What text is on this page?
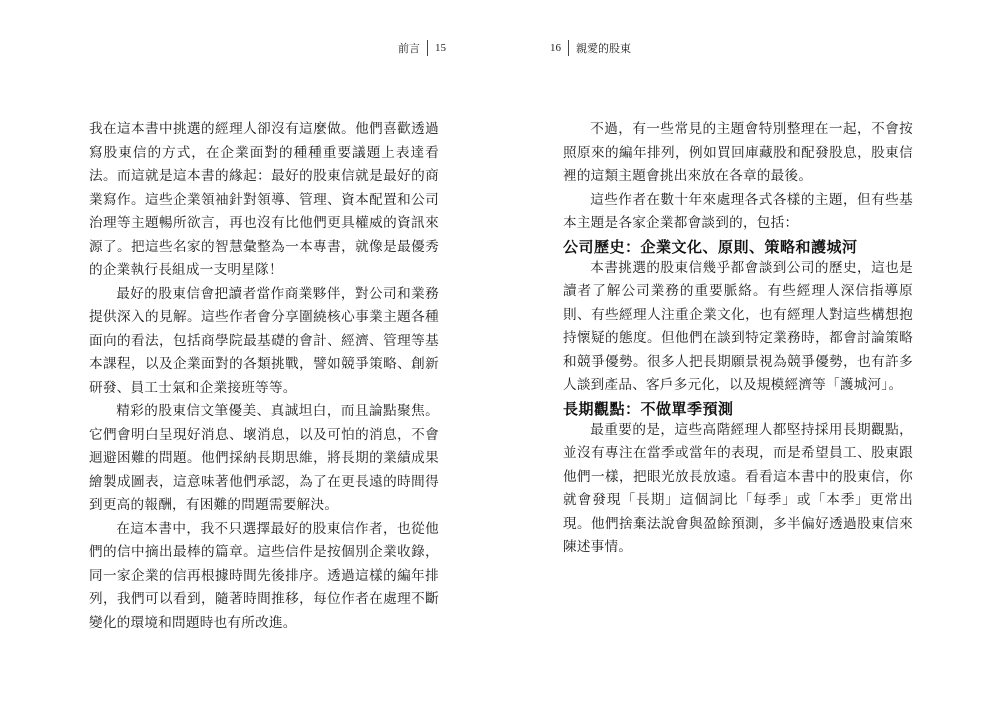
前言 15

我在這本書中挑選的經理人卻沒有這麼做。他們喜歡透過寫股東信的方式，在企業面對的種種重要議題上表達看法。而這就是這本書的緣起：最好的股東信就是最好的商業寫作。這些企業領袖針對領導、管理、資本配置和公司治理等主題暢所欲言，再也沒有比他們更具權威的資訊來源了。把這些名家的智慧彙整為一本專書，就像是最優秀的企業執行長組成一支明星隊！

最好的股東信會把讀者當作商業夥伴，對公司和業務提供深入的見解。這些作者會分享圍繞核心事業主題各種面向的看法，包括商學院最基礎的會計、經濟、管理等基本課程，以及企業面對的各類挑戰，譬如競爭策略、創新研發、員工士氣和企業接班等等。

精彩的股東信文筆優美、真誠坦白，而且論點聚焦。它們會明白呈現好消息、壞消息，以及可怕的消息，不會迴避困難的問題。他們採納長期思維，將長期的業績成果繪製成圖表，這意味著他們承認，為了在更長遠的時間得到更高的報酬，有困難的問題需要解決。

在這本書中，我不只選擇最好的股東信作者，也從他們的信中摘出最棒的篇章。這些信件是按個別企業收錄，同一家企業的信再根據時間先後排序。透過這樣的編年排列，我們可以看到，隨著時間推移，每位作者在處理不斷變化的環境和問題時也有所改進。

16 親愛的股東

不過，有一些常見的主題會特別整理在一起，不會按照原來的編年排列，例如買回庫藏股和配發股息，股東信裡的這類主題會挑出來放在各章的最後。

這些作者在數十年來處理各式各樣的主題，但有些基本主題是各家企業都會談到的，包括：

公司歷史：企業文化、原則、策略和護城河

本書挑選的股東信幾乎都會談到公司的歷史，這也是讀者了解公司業務的重要脈絡。有些經理人深信指導原則、有些經理人注重企業文化，也有經理人對這些構想抱持懷疑的態度。但他們在談到特定業務時，都會討論策略和競爭優勢。很多人把長期願景視為競爭優勢，也有許多人談到產品、客戶多元化，以及規模經濟等「護城河」。

長期觀點：不做單季預測

最重要的是，這些高階經理人都堅持採用長期觀點，並沒有專注在當季或當年的表現，而是希望員工、股東跟他們一樣，把眼光放長放遠。看看這本書中的股東信，你就會發現「長期」這個詞比「每季」或「本季」更常出現。他們捨棄法說會與盈餘預測，多半偏好透過股東信來陳述事情。
